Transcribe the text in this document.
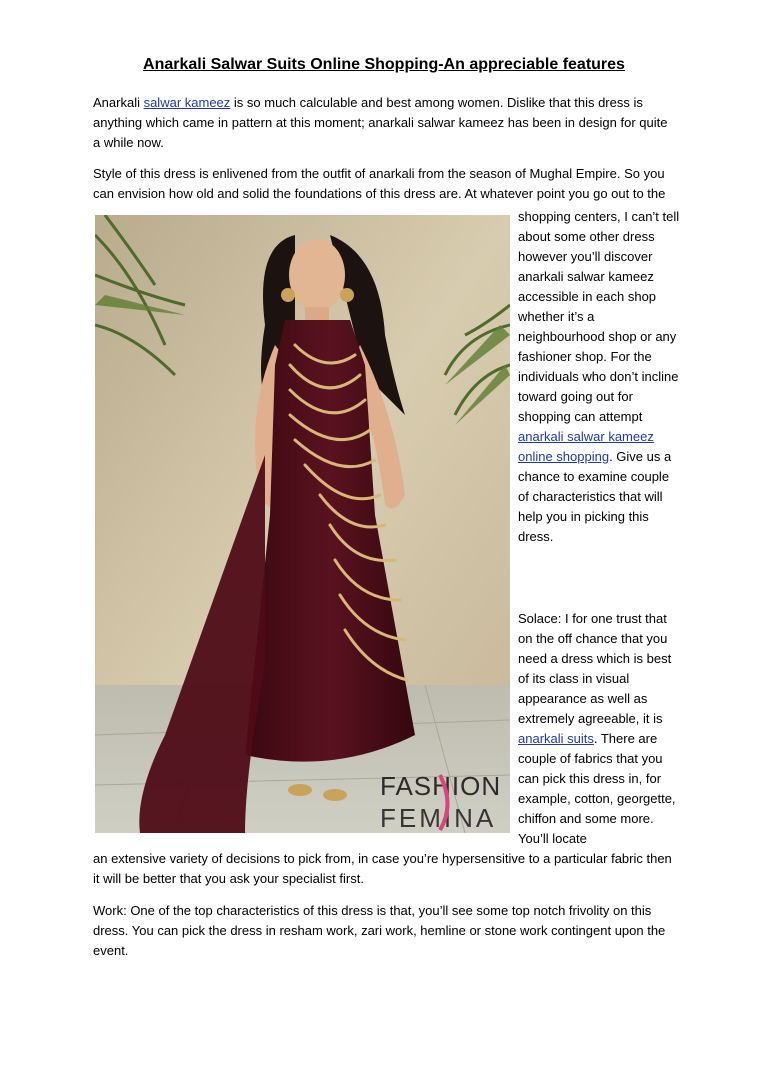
Anarkali Salwar Suits Online Shopping-An appreciable features
Anarkali salwar kameez is so much calculable and best among women. Dislike that this dress is anything which came in pattern at this moment; anarkali salwar kameez has been in design for quite a while now.
Style of this dress is enlivened from the outfit of anarkali from the season of Mughal Empire. So you can envision how old and solid the foundations of this dress are. At whatever point you go out to the
FASHION
FEMINA
shopping centers, I can’t tell about some other dress however you’ll discover anarkali salwar kameez accessible in each shop whether it’s a neighbourhood shop or any fashioner shop. For the individuals who don’t incline toward going out for shopping can attempt anarkali salwar kameez online shopping. Give us a chance to examine couple of characteristics that will help you in picking this dress.
Solace: I for one trust that on the off chance that you need a dress which is best of its class in visual appearance as well as extremely agreeable, it is anarkali suits. There are couple of fabrics that you can pick this dress in, for example, cotton, georgette, chiffon and some more. You’ll locate
an extensive variety of decisions to pick from, in case you’re hypersensitive to a particular fabric then it will be better that you ask your specialist first.
Work: One of the top characteristics of this dress is that, you’ll see some top notch frivolity on this dress. You can pick the dress in resham work, zari work, hemline or stone work contingent upon the event.
